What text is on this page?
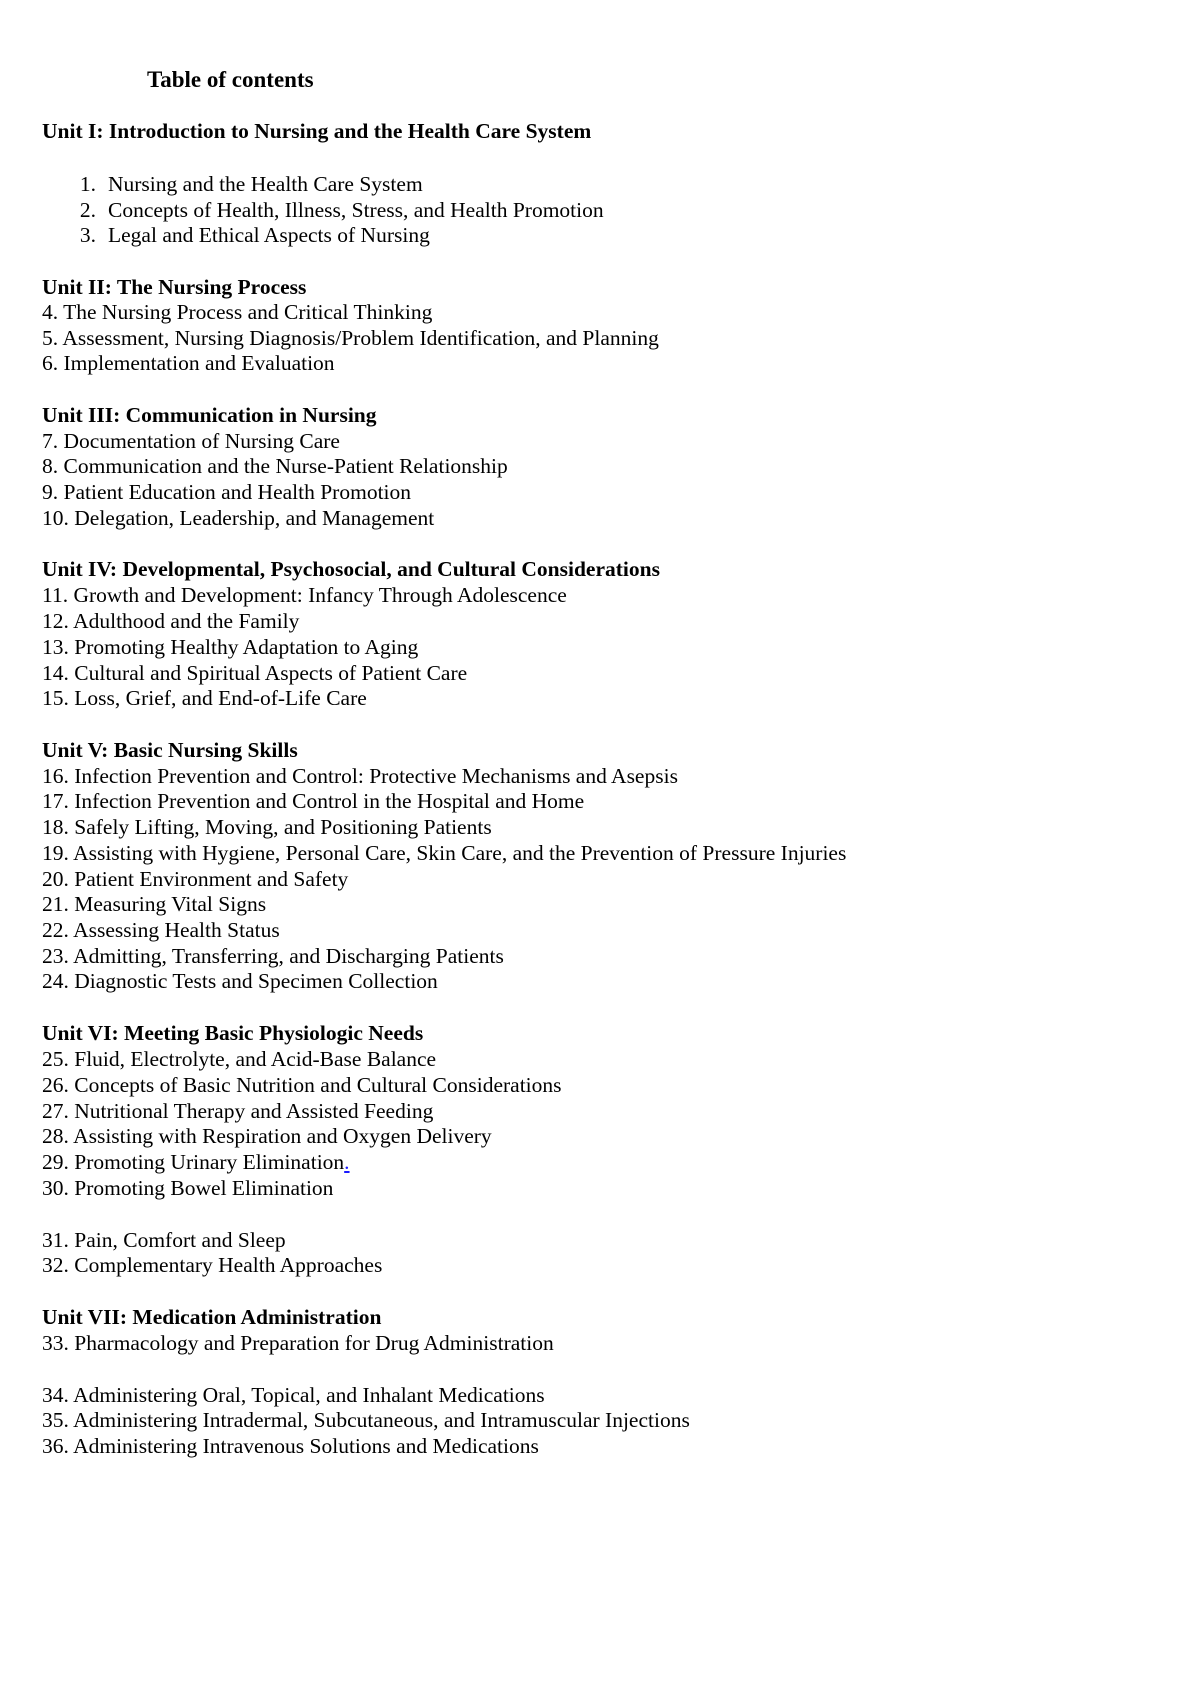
Table of contents
Unit I: Introduction to Nursing and the Health Care System
1. Nursing and the Health Care System
2. Concepts of Health, Illness, Stress, and Health Promotion
3. Legal and Ethical Aspects of Nursing
Unit II: The Nursing Process
4. The Nursing Process and Critical Thinking
5. Assessment, Nursing Diagnosis/Problem Identification, and Planning
6. Implementation and Evaluation
Unit III: Communication in Nursing
7. Documentation of Nursing Care
8. Communication and the Nurse-Patient Relationship
9. Patient Education and Health Promotion
10. Delegation, Leadership, and Management
Unit IV: Developmental, Psychosocial, and Cultural Considerations
11. Growth and Development: Infancy Through Adolescence
12. Adulthood and the Family
13. Promoting Healthy Adaptation to Aging
14. Cultural and Spiritual Aspects of Patient Care
15. Loss, Grief, and End-of-Life Care
Unit V: Basic Nursing Skills
16. Infection Prevention and Control: Protective Mechanisms and Asepsis
17. Infection Prevention and Control in the Hospital and Home
18. Safely Lifting, Moving, and Positioning Patients
19. Assisting with Hygiene, Personal Care, Skin Care, and the Prevention of Pressure Injuries
20. Patient Environment and Safety
21. Measuring Vital Signs
22. Assessing Health Status
23. Admitting, Transferring, and Discharging Patients
24. Diagnostic Tests and Specimen Collection
Unit VI: Meeting Basic Physiologic Needs
25. Fluid, Electrolyte, and Acid-Base Balance
26. Concepts of Basic Nutrition and Cultural Considerations
27. Nutritional Therapy and Assisted Feeding
28. Assisting with Respiration and Oxygen Delivery
29. Promoting Urinary Elimination.
30. Promoting Bowel Elimination
31. Pain, Comfort and Sleep
32. Complementary Health Approaches
Unit VII: Medication Administration
33. Pharmacology and Preparation for Drug Administration
34. Administering Oral, Topical, and Inhalant Medications
35. Administering Intradermal, Subcutaneous, and Intramuscular Injections
36. Administering Intravenous Solutions and Medications
